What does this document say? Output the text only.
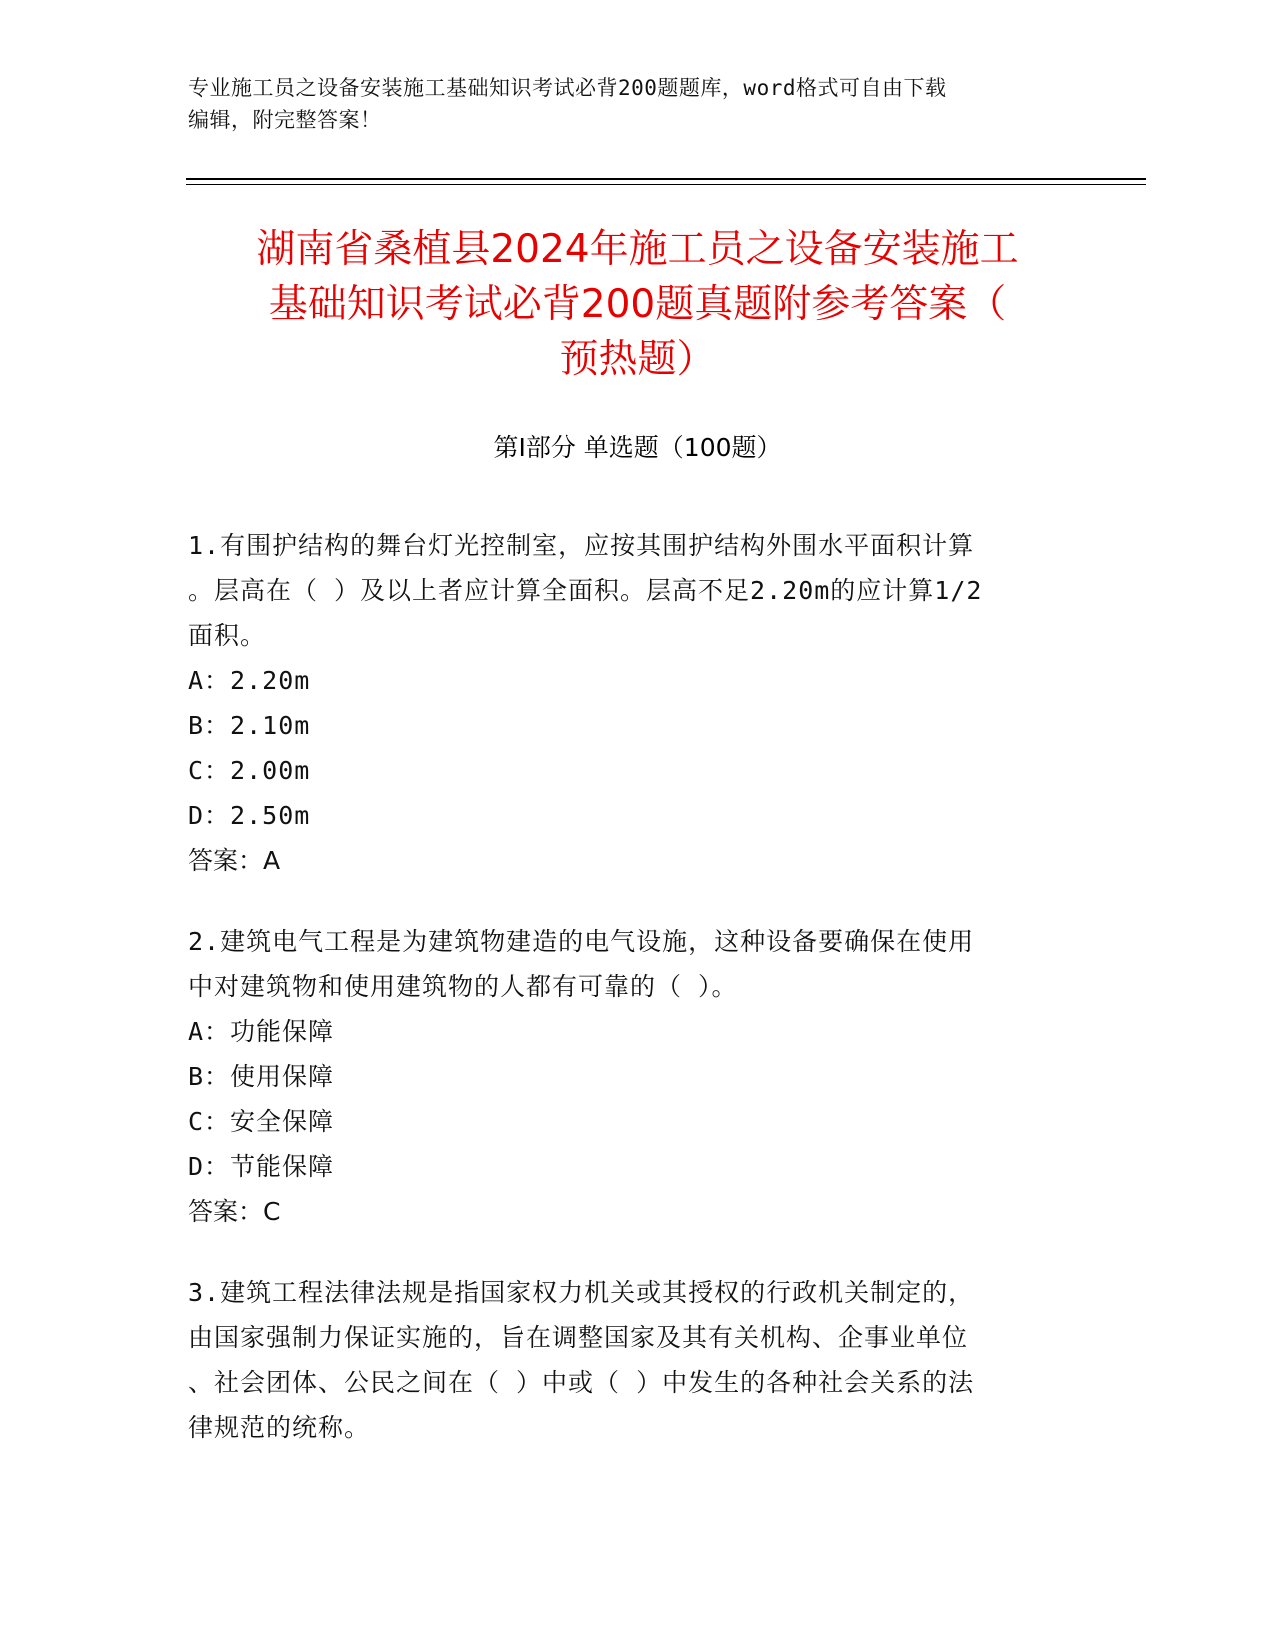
专业施工员之设备安装施工基础知识考试必背200题题库，word格式可自由下载
编辑，附完整答案！
湖南省桑植县2024年施工员之设备安装施工
基础知识考试必背200题真题附参考答案（
预热题）
第Ⅰ部分 单选题（100题）
1.有围护结构的舞台灯光控制室，应按其围护结构外围水平面积计算
。层高在（ ）及以上者应计算全面积。层高不足2.20m的应计算1/2
面积。
A：2.20m
B：2.10m
C：2.00m
D：2.50m
答案：A
2.建筑电气工程是为建筑物建造的电气设施，这种设备要确保在使用
中对建筑物和使用建筑物的人都有可靠的（ ）。
A：功能保障
B：使用保障
C：安全保障
D：节能保障
答案：C
3.建筑工程法律法规是指国家权力机关或其授权的行政机关制定的，
由国家强制力保证实施的，旨在调整国家及其有关机构、企事业单位
、社会团体、公民之间在（ ）中或（ ）中发生的各种社会关系的法
律规范的统称。
